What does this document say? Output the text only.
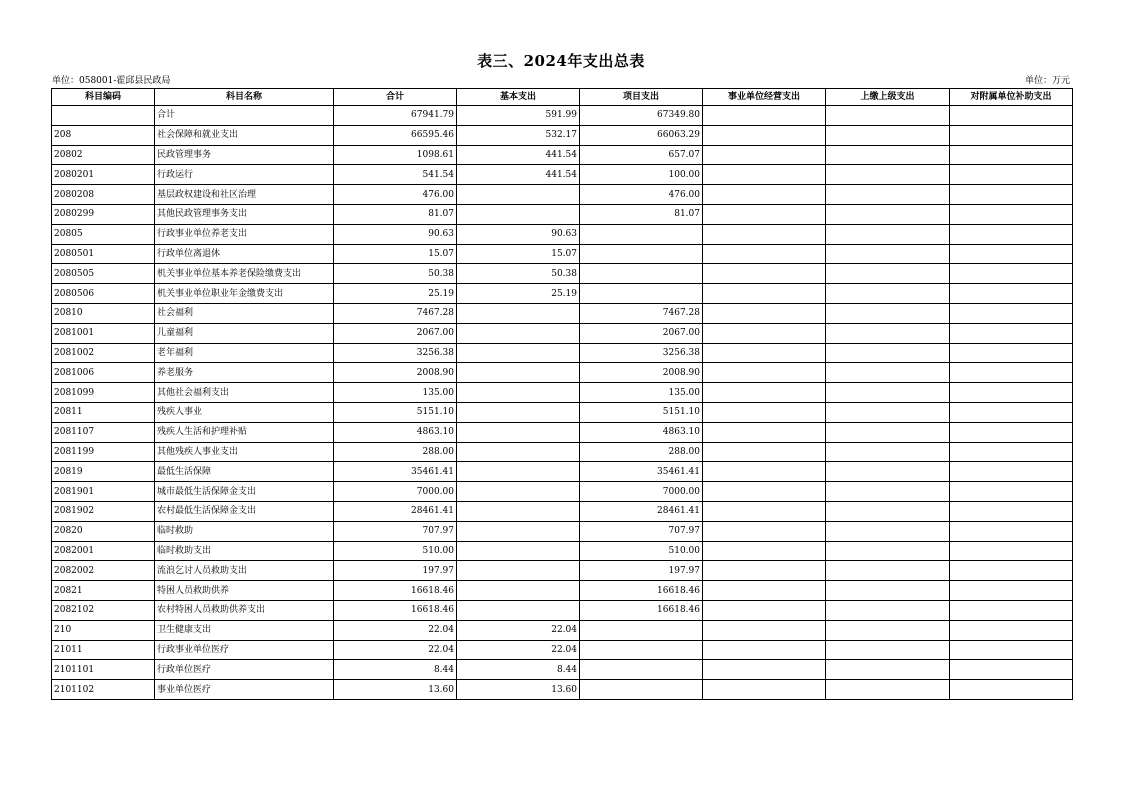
表三、2024年支出总表
单位：058001-霍邱县民政局	单位：万元
科目编码	科目名称	合计	基本支出	项目支出	事业单位经营支出	上缴上级支出	对附属单位补助支出
	合计	67941.79	591.99	67349.80			
208	社会保障和就业支出	66595.46	532.17	66063.29			
20802	民政管理事务	1098.61	441.54	657.07			
2080201	行政运行	541.54	441.54	100.00			
2080208	基层政权建设和社区治理	476.00		476.00			
2080299	其他民政管理事务支出	81.07		81.07			
20805	行政事业单位养老支出	90.63	90.63				
2080501	行政单位离退休	15.07	15.07				
2080505	机关事业单位基本养老保险缴费支出	50.38	50.38				
2080506	机关事业单位职业年金缴费支出	25.19	25.19				
20810	社会福利	7467.28		7467.28			
2081001	儿童福利	2067.00		2067.00			
2081002	老年福利	3256.38		3256.38			
2081006	养老服务	2008.90		2008.90			
2081099	其他社会福利支出	135.00		135.00			
20811	残疾人事业	5151.10		5151.10			
2081107	残疾人生活和护理补贴	4863.10		4863.10			
2081199	其他残疾人事业支出	288.00		288.00			
20819	最低生活保障	35461.41		35461.41			
2081901	城市最低生活保障金支出	7000.00		7000.00			
2081902	农村最低生活保障金支出	28461.41		28461.41			
20820	临时救助	707.97		707.97			
2082001	临时救助支出	510.00		510.00			
2082002	流浪乞讨人员救助支出	197.97		197.97			
20821	特困人员救助供养	16618.46		16618.46			
2082102	农村特困人员救助供养支出	16618.46		16618.46			
210	卫生健康支出	22.04	22.04				
21011	行政事业单位医疗	22.04	22.04				
2101101	行政单位医疗	8.44	8.44				
2101102	事业单位医疗	13.60	13.60				
